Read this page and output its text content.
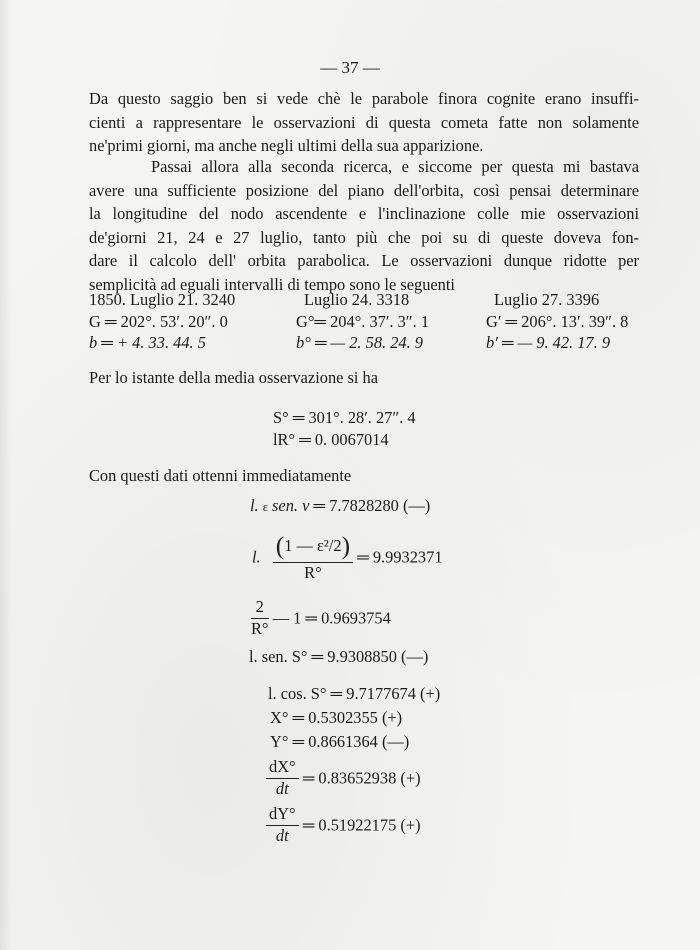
— 37 —
Da questo saggio ben si vede chè le parabole finora cognite erano insuffi-
cienti a rappresentare le osservazioni di questa cometa fatte non solamente
ne'primi giorni, ma anche negli ultimi della sua apparizione.
Passai allora alla seconda ricerca, e siccome per questa mi bastava
avere una sufficiente posizione del piano dell'orbita, così pensai determinare
la longitudine del nodo ascendente e l'inclinazione colle mie osservazioni
de'giorni 21, 24 e 27 luglio, tanto più che poi su di queste doveva fon-
dare il calcolo dell' orbita parabolica. Le osservazioni dunque ridotte per
semplicità ad eguali intervalli di tempo sono le seguenti
1850. Luglio 21. 3240
G ═ 202°. 53′. 20″. 0
b ═ + 4. 33. 44. 5
Luglio 24. 3318
G°═ 204°. 37′. 3″. 1
b° ═ — 2. 58. 24. 9
Luglio 27. 3396
G′ ═ 206°. 13′. 39″. 8
b′ ═ — 9. 42. 17. 9
Per lo istante della media osservazione si ha
S° ═ 301°. 28′. 27″. 4
lR° ═ 0. 0067014
Con questi dati ottenni immediatamente
l. ε sen. v ═ 7.7828280 (—)
l. $\frac{\text{(1 — ε²/2)}}{R^\circ}$ ═ 9.9932371
$\frac{2}{R^\circ}$ — 1 ═ 0.9693754
l. sen. S° ═ 9.9308850 (—)
l. cos. S° ═ 9.7177674 (+)
X° ═ 0.5302355 (+)
Y° ═ 0.8661364 (—)
$\frac{dX^\circ}{dt}$ ═ 0.83652938 (+)
$\frac{dY^\circ}{dt}$ ═ 0.51922175 (+)
